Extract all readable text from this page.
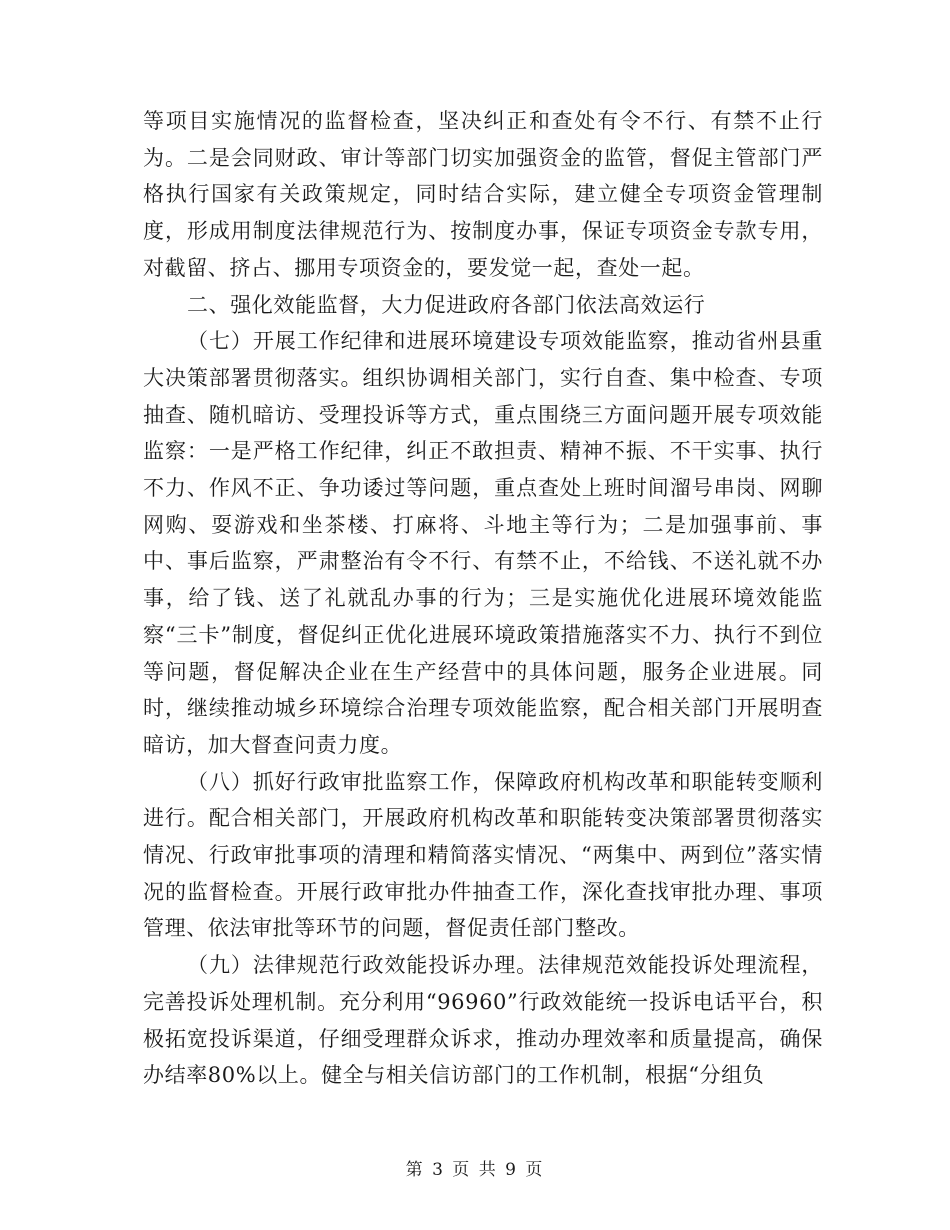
等项目实施情况的监督检查，坚决纠正和查处有令不行、有禁不止行为。二是会同财政、审计等部门切实加强资金的监管，督促主管部门严格执行国家有关政策规定，同时结合实际，建立健全专项资金管理制度，形成用制度法律规范行为、按制度办事，保证专项资金专款专用，对截留、挤占、挪用专项资金的，要发觉一起，查处一起。

二、强化效能监督，大力促进政府各部门依法高效运行

（七）开展工作纪律和进展环境建设专项效能监察，推动省州县重大决策部署贯彻落实。组织协调相关部门，实行自查、集中检查、专项抽查、随机暗访、受理投诉等方式，重点围绕三方面问题开展专项效能监察：一是严格工作纪律，纠正不敢担责、精神不振、不干实事、执行不力、作风不正、争功诿过等问题，重点查处上班时间溜号串岗、网聊网购、耍游戏和坐茶楼、打麻将、斗地主等行为；二是加强事前、事中、事后监察，严肃整治有令不行、有禁不止，不给钱、不送礼就不办事，给了钱、送了礼就乱办事的行为；三是实施优化进展环境效能监察“三卡”制度，督促纠正优化进展环境政策措施落实不力、执行不到位等问题，督促解决企业在生产经营中的具体问题，服务企业进展。同时，继续推动城乡环境综合治理专项效能监察，配合相关部门开展明查暗访，加大督查问责力度。

（八）抓好行政审批监察工作，保障政府机构改革和职能转变顺利进行。配合相关部门，开展政府机构改革和职能转变决策部署贯彻落实情况、行政审批事项的清理和精简落实情况、“两集中、两到位”落实情况的监督检查。开展行政审批办件抽查工作，深化查找审批办理、事项管理、依法审批等环节的问题，督促责任部门整改。

（九）法律规范行政效能投诉办理。法律规范效能投诉处理流程，完善投诉处理机制。充分利用“96960”行政效能统一投诉电话平台，积极拓宽投诉渠道，仔细受理群众诉求，推动办理效率和质量提高，确保办结率80%以上。健全与相关信访部门的工作机制，根据“分组负

第 3 页 共 9 页
